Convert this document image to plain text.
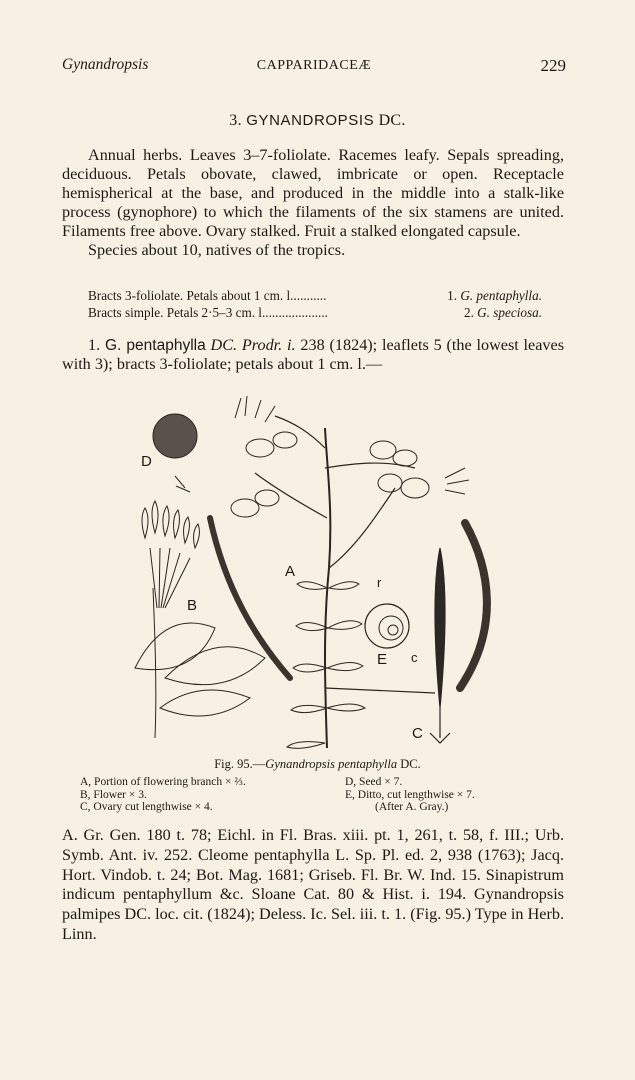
Gynandropsis	CAPPARIDACEÆ	229
3. GYNANDROPSIS DC.

Annual herbs. Leaves 3–7-foliolate. Racemes leafy. Sepals spreading, deciduous. Petals obovate, clawed, imbricate or open. Receptacle hemispherical at the base, and produced in the middle into a stalk-like process (gynophore) to which the filaments of the six stamens are united. Filaments free above. Ovary stalked. Fruit a stalked elongated capsule.

Species about 10, natives of the tropics.

Bracts 3-foliolate. Petals about 1 cm. l...........	1. G. pentaphylla.
Bracts simple. Petals 2·5–3 cm. l....................	2. G. speciosa.

1. G. pentaphylla DC. Prodr. i. 238 (1824); leaflets 5 (the lowest leaves with 3); bracts 3-foliolate; petals about 1 cm. l.—

D
B
A
E
C
r
c
Fig. 95.—Gynandropsis pentaphylla DC.
A, Portion of flowering branch × ⅔.
B, Flower × 3.
C, Ovary cut lengthwise × 4.
D, Seed × 7.
E, Ditto, cut lengthwise × 7.
(After A. Gray.)

A. Gr. Gen. 180 t. 78; Eichl. in Fl. Bras. xiii. pt. 1, 261, t. 58, f. III.; Urb. Symb. Ant. iv. 252. Cleome pentaphylla L. Sp. Pl. ed. 2, 938 (1763); Jacq. Hort. Vindob. t. 24; Bot. Mag. 1681; Griseb. Fl. Br. W. Ind. 15. Sinapistrum indicum pentaphyllum &c. Sloane Cat. 80 & Hist. i. 194. Gynandropsis palmipes DC. loc. cit. (1824); Deless. Ic. Sel. iii. t. 1. (Fig. 95.) Type in Herb. Linn.
